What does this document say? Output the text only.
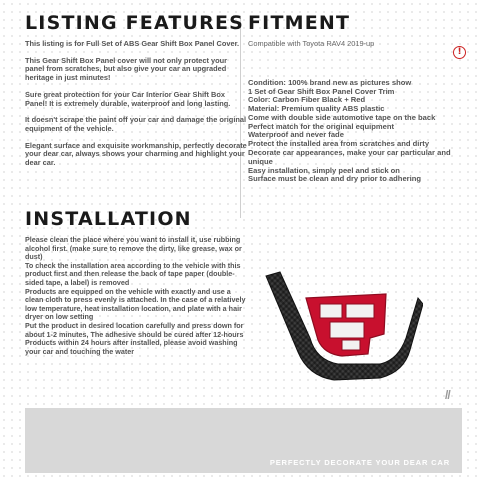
LISTING FEATURES

This listing is for Full Set of ABS Gear Shift Box Panel Cover.

This Gear Shift Box Panel cover will not only protect your panel from scratches, but also give your car an upgraded heritage in just minutes!

Sure great protection for your Car Interior Gear Shift Box Panel! It is extremely durable, waterproof and long lasting.

It doesn't scrape the paint off your car and damage the original equipment of the vehicle.

Elegant surface and exquisite workmanship, perfectly decorate your dear car, always shows your charming and highlight your dear car.

FITMENT

Compatible with Toyota RAV4 2019-up

Condition: 100% brand new as pictures show
1 Set of Gear Shift Box Panel Cover Trim
Color: Carbon Fiber Black + Red
Material: Premium quality ABS plastic
Come with double side automotive tape on the back
Perfect match for the original equipment
Waterproof and never fade
Protect the installed area from scratches and dirty
Decorate car appearances, make your car particular and unique
Easy installation, simply peel and stick on
Surface must be clean and dry prior to adhering
!
INSTALLATION

Please clean the place where you want to install it, use rubbing alcohol first. (make sure to remove the dirty, like grease, wax or dust)

To check the installation area according to the vehicle with this product first and then release the back of tape paper (double-sided tape, a label) is removed

Products are equipped on the vehicle with exactly and use a clean cloth to press evenly is attached. In the case of a relatively low temperature, heat installation location, and plate with a hair dryer on low setting

Put the product in desired location carefully and press down for about 1-2 minutes, The adhesive should be cured after 12-hours

Products within 24 hours after installed, please avoid washing your car and touching the water

//
PERFECTLY DECORATE YOUR DEAR CAR
